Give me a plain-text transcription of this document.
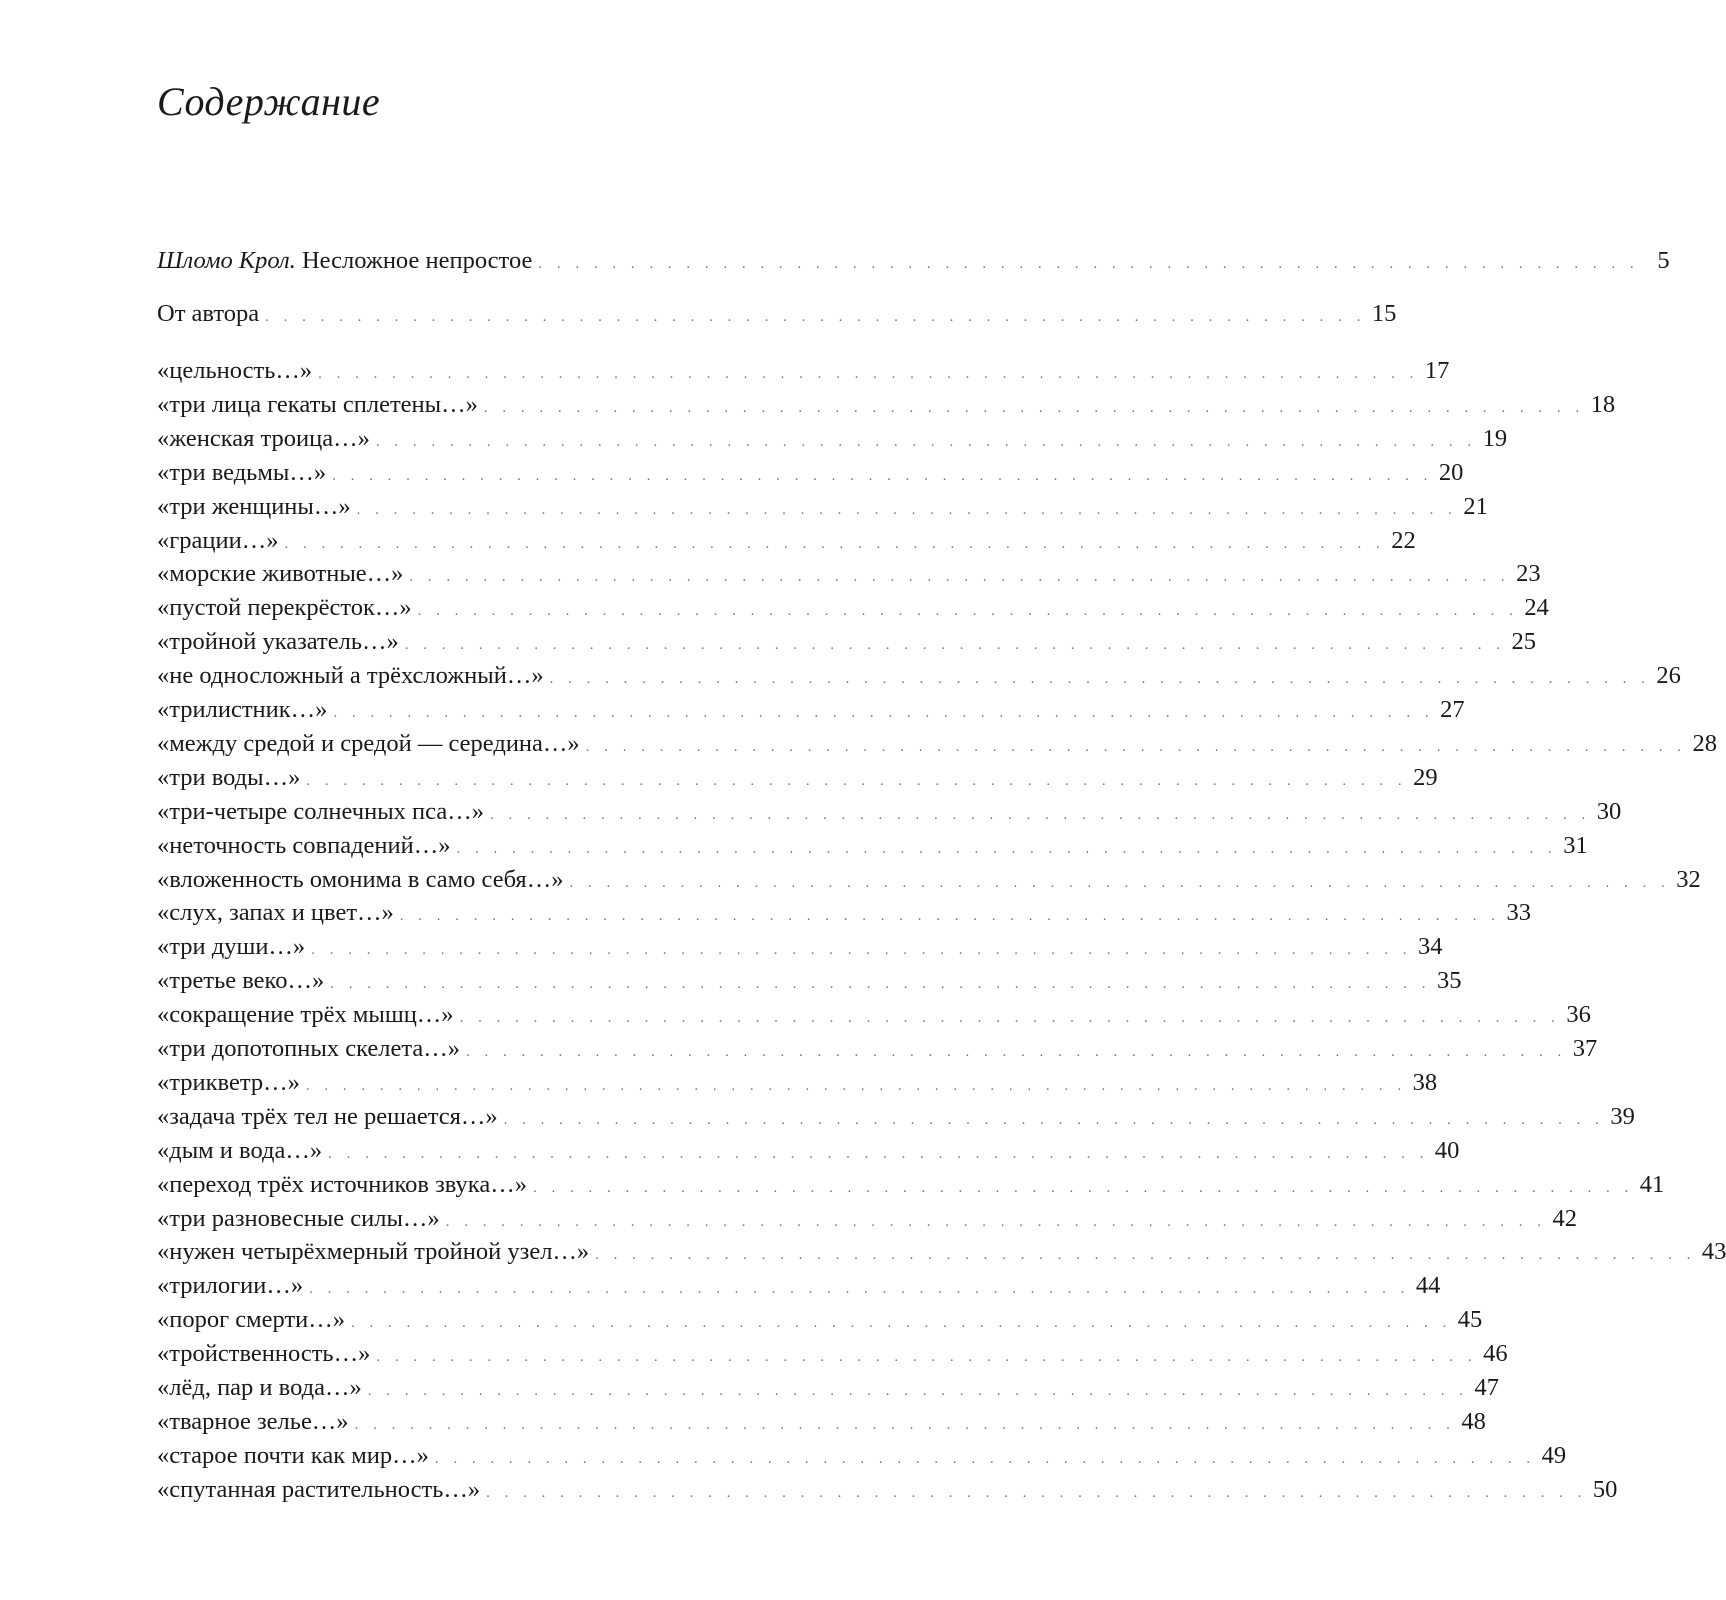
Содержание
Шломо Крол. Несложное непростое . . . . . . . . . . . . . . . . . . . . . . . . . . . . . . . . . . . . . . . . . . . . . . . . . . . . . . . . . . . . 5
От автора . . . . . . . . . . . . . . . . . . . . . . . . . . . . . . . . . . . . . . . . . . . . . . . . . . . . . . . . . . . . 15
«цельность…» . . . . . . . . . . . . . . . . . . . . . . . . . . . . . . . . . . . . . . . . . . . . . . . . . . . . . . . . . . . . 17
«три лица гекаты сплетены…» . . . . . . . . . . . . . . . . . . . . . . . . . . . . . . . . . . . . . . . . . . . . . . . . . . . . . . . . . . . . 18
«женская троица…» . . . . . . . . . . . . . . . . . . . . . . . . . . . . . . . . . . . . . . . . . . . . . . . . . . . . . . . . . . . . 19
«три ведьмы…» . . . . . . . . . . . . . . . . . . . . . . . . . . . . . . . . . . . . . . . . . . . . . . . . . . . . . . . . . . . . 20
«три женщины…» . . . . . . . . . . . . . . . . . . . . . . . . . . . . . . . . . . . . . . . . . . . . . . . . . . . . . . . . . . . . 21
«грации…» . . . . . . . . . . . . . . . . . . . . . . . . . . . . . . . . . . . . . . . . . . . . . . . . . . . . . . . . . . . . 22
«морские животные…» . . . . . . . . . . . . . . . . . . . . . . . . . . . . . . . . . . . . . . . . . . . . . . . . . . . . . . . . . . . . 23
«пустой перекрёсток…» . . . . . . . . . . . . . . . . . . . . . . . . . . . . . . . . . . . . . . . . . . . . . . . . . . . . . . . . . . . . 24
«тройной указатель…» . . . . . . . . . . . . . . . . . . . . . . . . . . . . . . . . . . . . . . . . . . . . . . . . . . . . . . . . . . . . 25
«не односложный а трёхсложный…» . . . . . . . . . . . . . . . . . . . . . . . . . . . . . . . . . . . . . . . . . . . . . . . . . . . . . . . . . . . . 26
«трилистник…» . . . . . . . . . . . . . . . . . . . . . . . . . . . . . . . . . . . . . . . . . . . . . . . . . . . . . . . . . . . . 27
«между средой и средой — середина…» . . . . . . . . . . . . . . . . . . . . . . . . . . . . . . . . . . . . . . . . . . . . . . . . . . . . . . . . . . . . 28
«три воды…» . . . . . . . . . . . . . . . . . . . . . . . . . . . . . . . . . . . . . . . . . . . . . . . . . . . . . . . . . . . . 29
«три-четыре солнечных пса…» . . . . . . . . . . . . . . . . . . . . . . . . . . . . . . . . . . . . . . . . . . . . . . . . . . . . . . . . . . . . 30
«неточность совпадений…» . . . . . . . . . . . . . . . . . . . . . . . . . . . . . . . . . . . . . . . . . . . . . . . . . . . . . . . . . . . . 31
«вложенность омонима в само себя…» . . . . . . . . . . . . . . . . . . . . . . . . . . . . . . . . . . . . . . . . . . . . . . . . . . . . . . . . . . . . 32
«слух, запах и цвет…» . . . . . . . . . . . . . . . . . . . . . . . . . . . . . . . . . . . . . . . . . . . . . . . . . . . . . . . . . . . . 33
«три души…» . . . . . . . . . . . . . . . . . . . . . . . . . . . . . . . . . . . . . . . . . . . . . . . . . . . . . . . . . . . . 34
«третье веко…» . . . . . . . . . . . . . . . . . . . . . . . . . . . . . . . . . . . . . . . . . . . . . . . . . . . . . . . . . . . . 35
«сокращение трёх мышц…» . . . . . . . . . . . . . . . . . . . . . . . . . . . . . . . . . . . . . . . . . . . . . . . . . . . . . . . . . . . . 36
«три допотопных скелета…» . . . . . . . . . . . . . . . . . . . . . . . . . . . . . . . . . . . . . . . . . . . . . . . . . . . . . . . . . . . . 37
«трикветр…» . . . . . . . . . . . . . . . . . . . . . . . . . . . . . . . . . . . . . . . . . . . . . . . . . . . . . . . . . . . . 38
«задача трёх тел не решается…» . . . . . . . . . . . . . . . . . . . . . . . . . . . . . . . . . . . . . . . . . . . . . . . . . . . . . . . . . . . . 39
«дым и вода…» . . . . . . . . . . . . . . . . . . . . . . . . . . . . . . . . . . . . . . . . . . . . . . . . . . . . . . . . . . . . 40
«переход трёх источников звука…» . . . . . . . . . . . . . . . . . . . . . . . . . . . . . . . . . . . . . . . . . . . . . . . . . . . . . . . . . . . . 41
«три разновесные силы…» . . . . . . . . . . . . . . . . . . . . . . . . . . . . . . . . . . . . . . . . . . . . . . . . . . . . . . . . . . . . 42
«нужен четырёхмерный тройной узел…» . . . . . . . . . . . . . . . . . . . . . . . . . . . . . . . . . . . . . . . . . . . . . . . . . . . . . . . . . . . . 43
«трилогии…» . . . . . . . . . . . . . . . . . . . . . . . . . . . . . . . . . . . . . . . . . . . . . . . . . . . . . . . . . . . . 44
«порог смерти…» . . . . . . . . . . . . . . . . . . . . . . . . . . . . . . . . . . . . . . . . . . . . . . . . . . . . . . . . . . . . 45
«тройственность…» . . . . . . . . . . . . . . . . . . . . . . . . . . . . . . . . . . . . . . . . . . . . . . . . . . . . . . . . . . . . 46
«лёд, пар и вода…» . . . . . . . . . . . . . . . . . . . . . . . . . . . . . . . . . . . . . . . . . . . . . . . . . . . . . . . . . . . . 47
«тварное зелье…» . . . . . . . . . . . . . . . . . . . . . . . . . . . . . . . . . . . . . . . . . . . . . . . . . . . . . . . . . . . . 48
«старое почти как мир…» . . . . . . . . . . . . . . . . . . . . . . . . . . . . . . . . . . . . . . . . . . . . . . . . . . . . . . . . . . . . 49
«спутанная растительность…» . . . . . . . . . . . . . . . . . . . . . . . . . . . . . . . . . . . . . . . . . . . . . . . . . . . . . . . . . . . . 50
